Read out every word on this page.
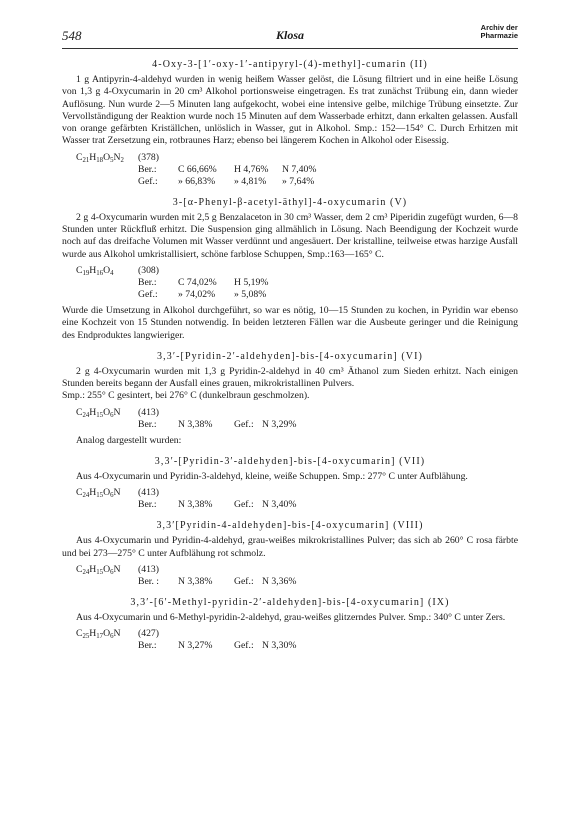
548	Klosa
Archiv der
Pharmazie
4-Oxy-3-[1′-oxy-1′-antipyryl-(4)-methyl]-cumarin (II)

1 g Antipyrin-4-aldehyd wurden in wenig heißem Wasser gelöst, die Lösung filtriert und in eine heiße Lösung von 1,3 g 4-Oxycumarin in 20 cm³ Alkohol portionsweise eingetragen. Es trat zunächst Trübung ein, dann wieder Auflösung. Nun wurde 2—5 Minuten lang aufgekocht, wobei eine intensive gelbe, milchige Trübung einsetzte. Zur Vervollständigung der Reaktion wurde noch 15 Minuten auf dem Wasserbade erhitzt, dann erkalten gelassen. Ausfall von orange gefärbten Kriställchen, unlöslich in Wasser, gut in Alkohol. Smp.: 152—154° C. Durch Erhitzen mit Wasser trat Zersetzung ein, rotbraunes Harz; ebenso bei längerem Kochen in Alkohol oder Eisessig.

$C_{21}H_{18}O_5N_2$	(378)
Ber.:	C 66,66%	H 4,76%	N 7,40%
Gef.:	» 66,83%	» 4,81%	» 7,64%
3-[α-Phenyl-β-acetyl-äthyl]-4-oxycumarin (V)

2 g 4-Oxycumarin wurden mit 2,5 g Benzalaceton in 30 cm³ Wasser, dem 2 cm³ Piperidin zugefügt wurden, 6—8 Stunden unter Rückfluß erhitzt. Die Suspension ging allmählich in Lösung. Nach Beendigung der Kochzeit wurde noch auf das dreifache Volumen mit Wasser verdünnt und angesäuert. Der kristalline, teilweise etwas harzige Ausfall wurde aus Alkohol umkristallisiert, schöne farblose Schuppen, Smp.:163—165° C.

$C_{19}H_{16}O_4$	(308)
Ber.:	C 74,02%	H 5,19%
Gef.:	» 74,02%	» 5,08%

Wurde die Umsetzung in Alkohol durchgeführt, so war es nötig, 10—15 Stunden zu kochen, in Pyridin war ebenso eine Kochzeit von 15 Stunden notwendig. In beiden letzteren Fällen war die Ausbeute geringer und die Reinigung des Endproduktes langwieriger.

3,3′-[Pyridin-2′-aldehyden]-bis-[4-oxycumarin] (VI)

2 g 4-Oxycumarin wurden mit 1,3 g Pyridin-2-aldehyd in 40 cm³ Äthanol zum Sieden erhitzt. Nach einigen Stunden bereits begann der Ausfall eines grauen, mikrokristallinen Pulvers.

Smp.: 255° C gesintert, bei 276° C (dunkelbraun geschmolzen).

$C_{24}H_{15}O_6N$	(413)
Ber.:	N 3,38%	Gef.: N 3,29%

Analog dargestellt wurden:

3,3′-[Pyridin-3′-aldehyden]-bis-[4-oxycumarin] (VII)

Aus 4-Oxycumarin und Pyridin-3-aldehyd, kleine, weiße Schuppen. Smp.: 277° C unter Aufblähung.

$C_{24}H_{15}O_6N$	(413)
Ber.:	N 3,38%	Gef.: N 3,40%
3,3′[Pyridin-4-aldehyden]-bis-[4-oxycumarin] (VIII)

Aus 4-Oxycumarin und Pyridin-4-aldehyd, grau-weißes mikrokristallines Pulver; das sich ab 260° C rosa färbte und bei 273—275° C unter Aufblähung rot schmolz.

$C_{24}H_{15}O_6N$	(413)
Ber. :	N 3,38%	Gef.: N 3,36%
3,3′-[6′-Methyl-pyridin-2′-aldehyden]-bis-[4-oxycumarin] (IX)

Aus 4-Oxycumarin und 6-Methyl-pyridin-2-aldehyd, grau-weißes glitzerndes Pulver. Smp.: 340° C unter Zers.

$C_{25}H_{17}O_6N$	(427)
Ber.:	N 3,27%	Gef.: N 3,30%
